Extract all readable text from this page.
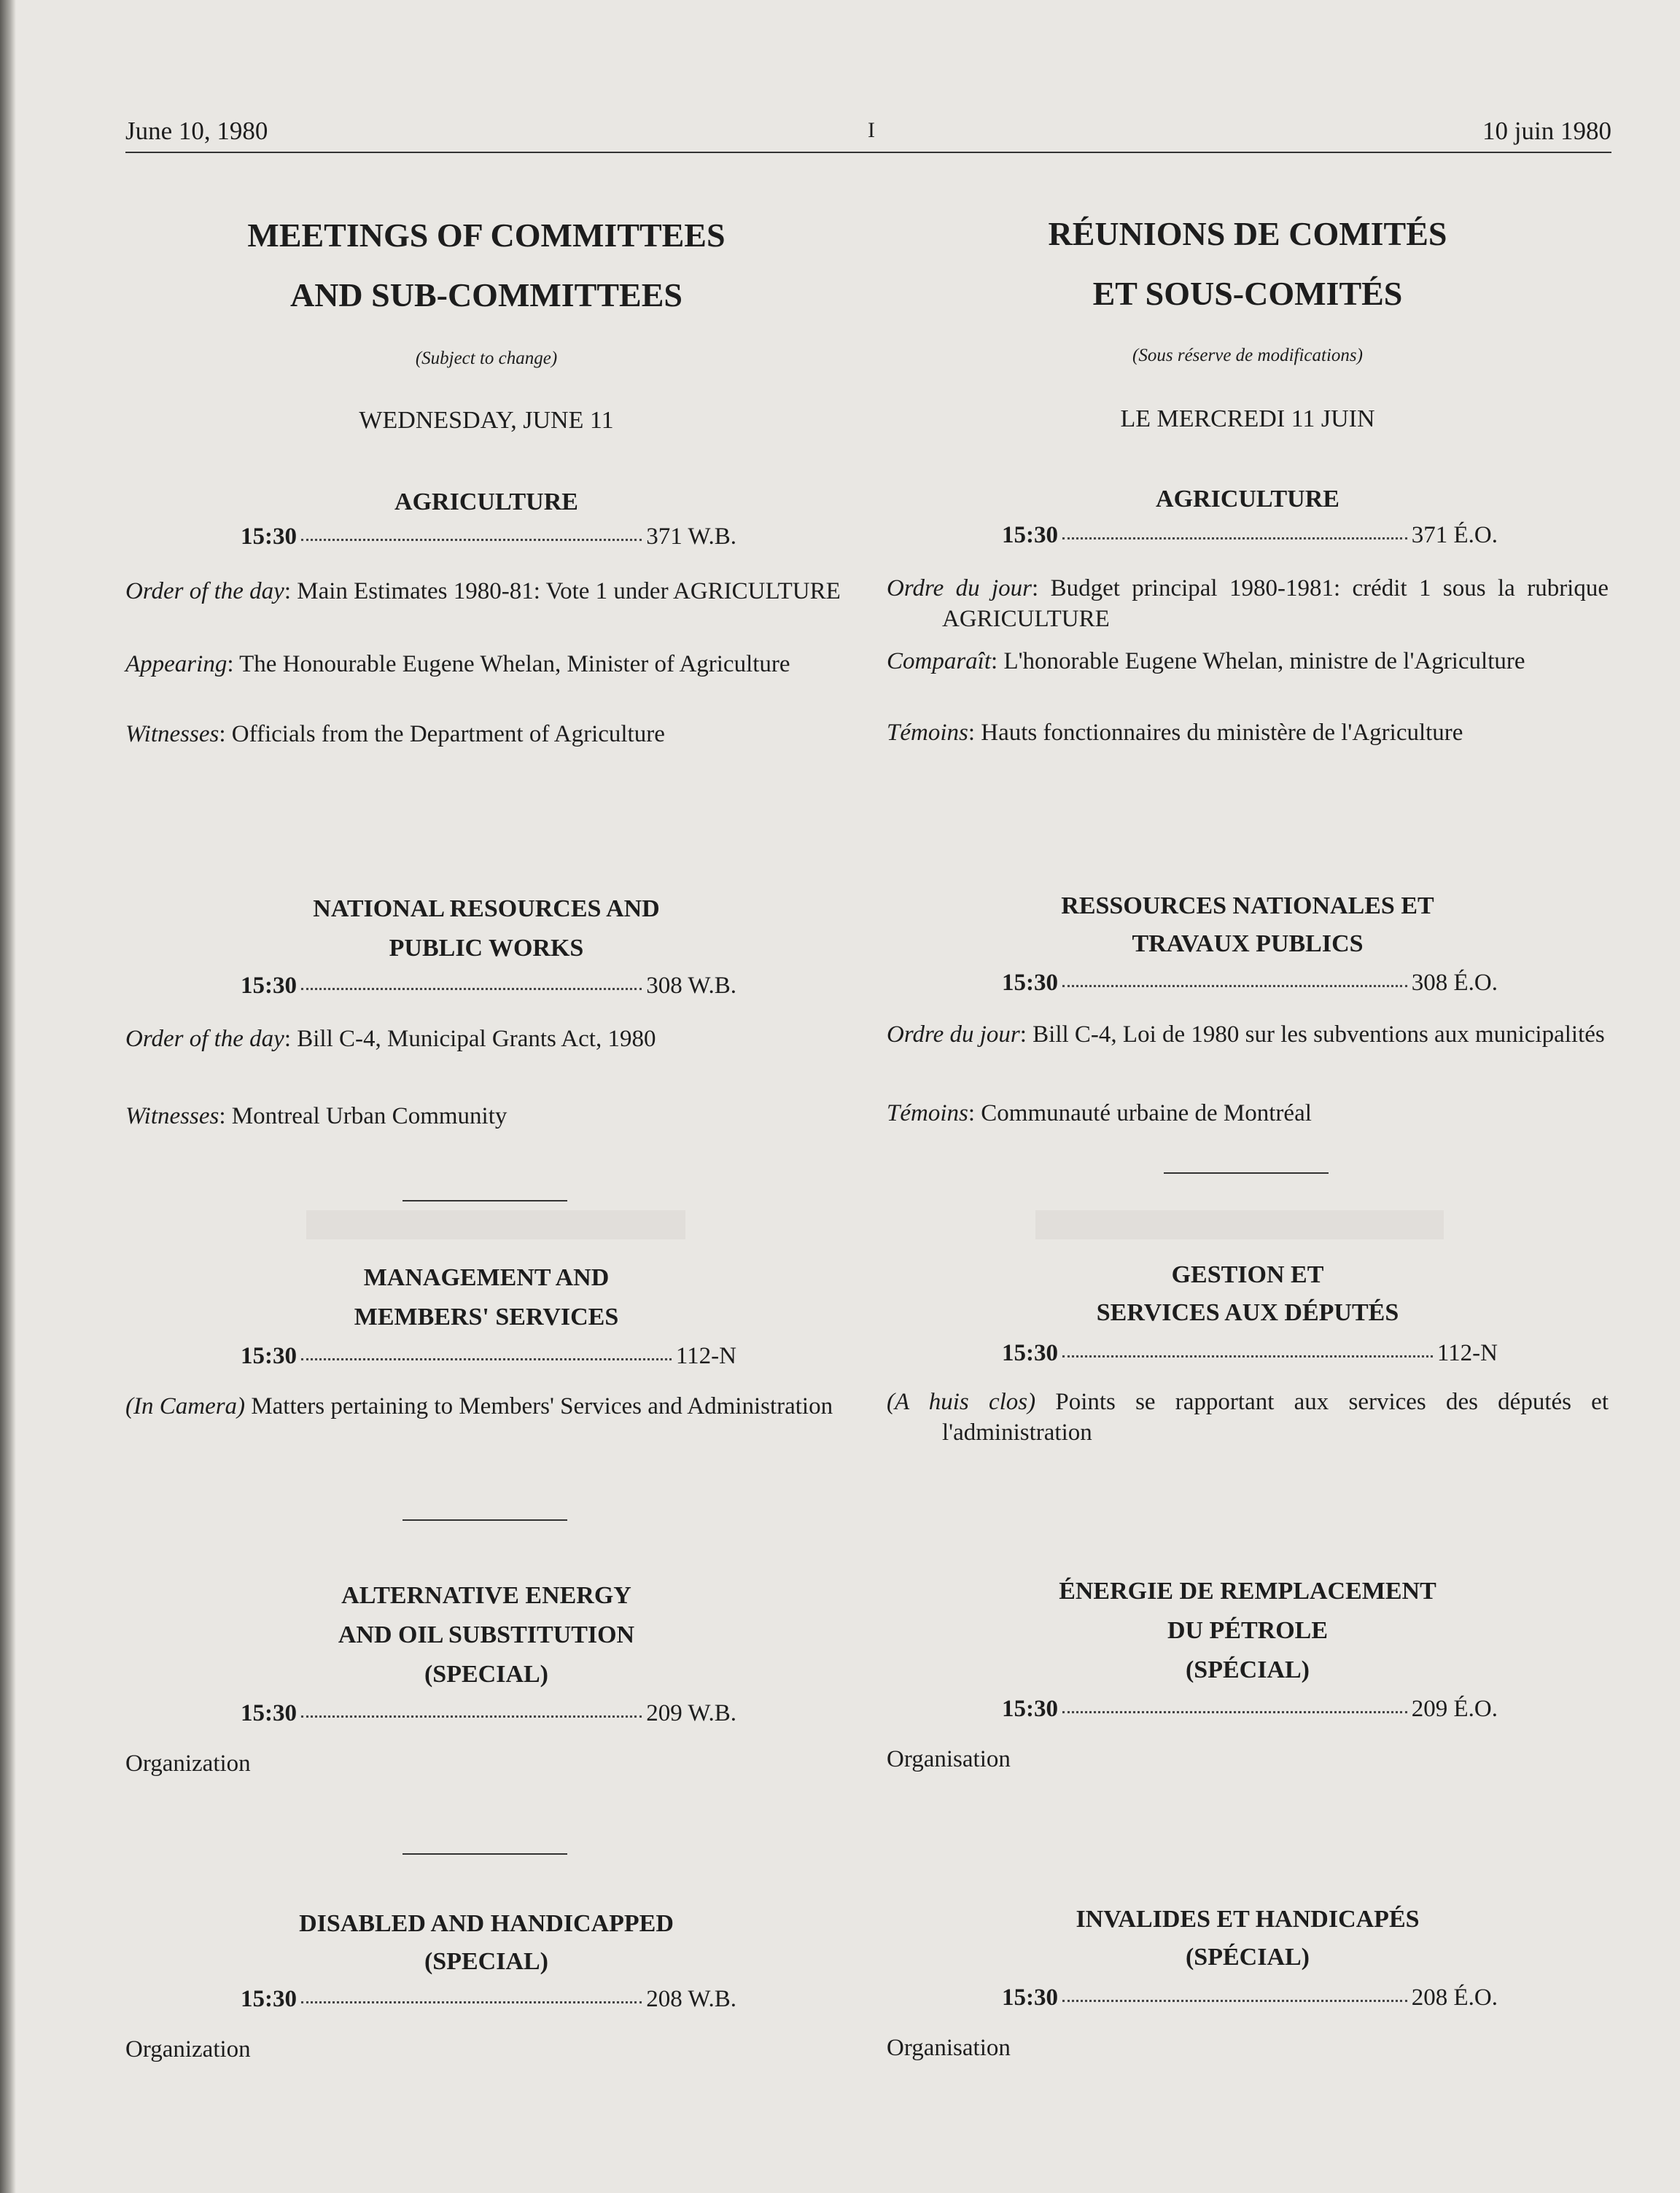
June 10, 1980	I	10 juin 1980
MEETINGS OF COMMITTEES
AND SUB-COMMITTEES
(Subject to change)
WEDNESDAY, JUNE 11
AGRICULTURE
15:30	371 W.B.
Order of the day: Main Estimates 1980-81: Vote 1 under AGRICULTURE
Appearing: The Honourable Eugene Whelan, Minister of Agriculture
Witnesses: Officials from the Department of Agriculture
NATIONAL RESOURCES AND
PUBLIC WORKS
15:30	308 W.B.
Order of the day: Bill C-4, Municipal Grants Act, 1980
Witnesses: Montreal Urban Community
MANAGEMENT AND
MEMBERS' SERVICES
15:30	112-N
(In Camera) Matters pertaining to Members' Services and Administration
ALTERNATIVE ENERGY
AND OIL SUBSTITUTION
(SPECIAL)
15:30	209 W.B.
Organization
DISABLED AND HANDICAPPED
(SPECIAL)
15:30	208 W.B.
Organization
RÉUNIONS DE COMITÉS
ET SOUS-COMITÉS
(Sous réserve de modifications)
LE MERCREDI 11 JUIN
AGRICULTURE
15:30	371 É.O.
Ordre du jour: Budget principal 1980-1981: crédit 1 sous la rubrique AGRICULTURE
Comparaît: L'honorable Eugene Whelan, ministre de l'Agriculture
Témoins: Hauts fonctionnaires du ministère de l'Agriculture
RESSOURCES NATIONALES ET
TRAVAUX PUBLICS
15:30	308 É.O.
Ordre du jour: Bill C-4, Loi de 1980 sur les subventions aux municipalités
Témoins: Communauté urbaine de Montréal
GESTION ET
SERVICES AUX DÉPUTÉS
15:30	112-N
(A huis clos) Points se rapportant aux services des députés et l'administration
ÉNERGIE DE REMPLACEMENT
DU PÉTROLE
(SPÉCIAL)
15:30	209 É.O.
Organisation
INVALIDES ET HANDICAPÉS
(SPÉCIAL)
15:30	208 É.O.
Organisation
